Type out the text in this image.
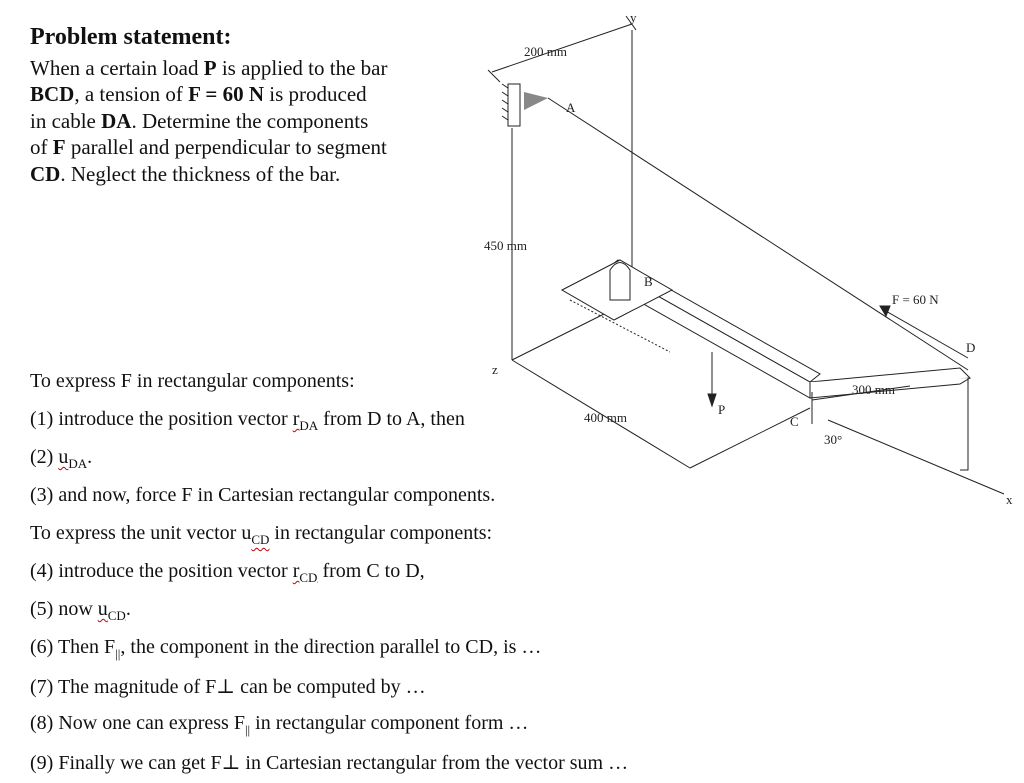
Problem statement:
When a certain load P is applied to the bar
BCD, a tension of F = 60 N is produced
in cable DA. Determine the components
of F parallel and perpendicular to segment
CD. Neglect the thickness of the bar.
200 mm
450 mm
400 mm
300 mm
30°
F = 60 N
A
B
C
D
P
x
y
z
To express F in rectangular components:
(1) introduce the position vector $r_{DA}$ from D to A, then
(2) $u_{DA}$.
(3) and now, force F in Cartesian rectangular components.
To express the unit vector $u_{CD}$ in rectangular components:
(4) introduce the position vector $r_{CD}$ from C to D,
(5) now $u_{CD}$.
(6) Then $F_{||}$, the component in the direction parallel to CD, is …
(7) The magnitude of F⊥ can be computed by …
(8) Now one can express $F_{||}$ in rectangular component form …
(9) Finally we can get F⊥ in Cartesian rectangular from the vector sum …
